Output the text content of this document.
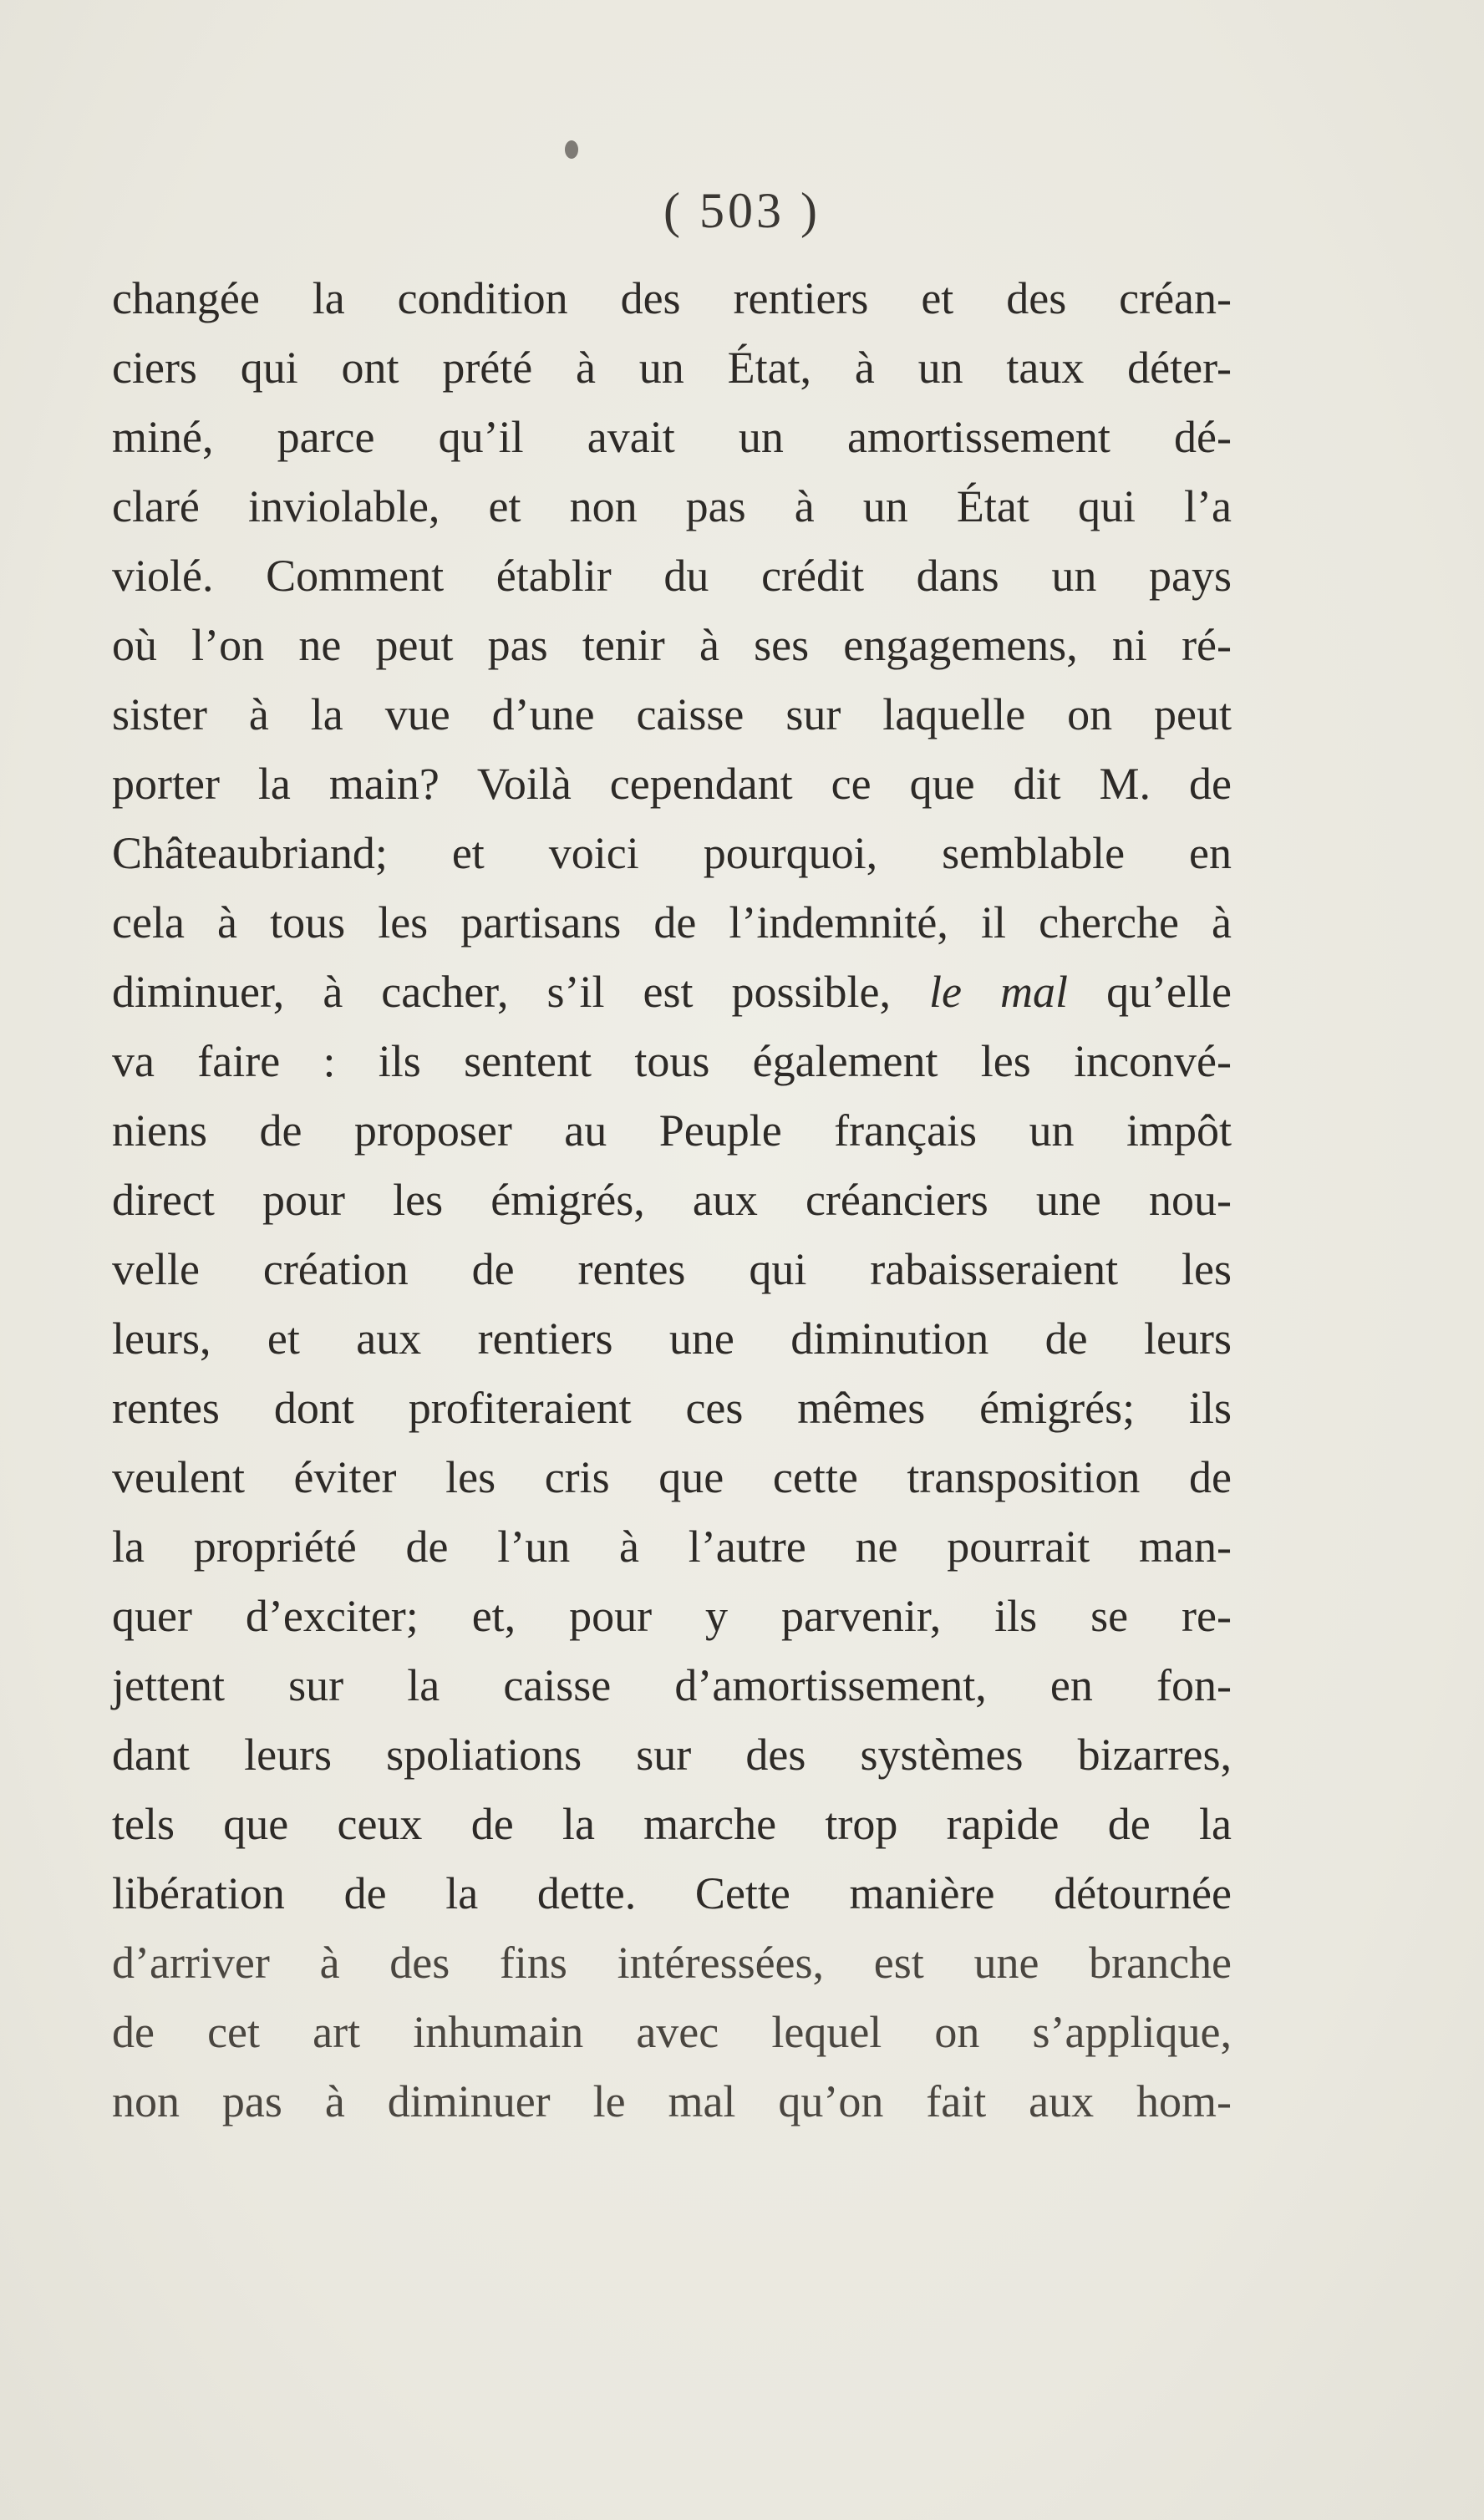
( 503 )
changée la condition des rentiers et des créan-
ciers qui ont prété à un État, à un taux déter-
miné, parce qu’il avait un amortissement dé-
claré inviolable, et non pas à un État qui l’a
violé. Comment établir du crédit dans un pays
où l’on ne peut pas tenir à ses engagemens, ni ré-
sister à la vue d’une caisse sur laquelle on peut
porter la main? Voilà cependant ce que dit M. de
Châteaubriand; et voici pourquoi, semblable en
cela à tous les partisans de l’indemnité, il cherche à
diminuer, à cacher, s’il est possible, le mal qu’elle
va faire : ils sentent tous également les inconvé-
niens de proposer au Peuple français un impôt
direct pour les émigrés, aux créanciers une nou-
velle création de rentes qui rabaisseraient les
leurs, et aux rentiers une diminution de leurs
rentes dont profiteraient ces mêmes émigrés; ils
veulent éviter les cris que cette transposition de
la propriété de l’un à l’autre ne pourrait man-
quer d’exciter; et, pour y parvenir, ils se re-
jettent sur la caisse d’amortissement, en fon-
dant leurs spoliations sur des systèmes bizarres,
tels que ceux de la marche trop rapide de la
libération de la dette. Cette manière détournée
d’arriver à des fins intéressées, est une branche
de cet art inhumain avec lequel on s’applique,
non pas à diminuer le mal qu’on fait aux hom-
